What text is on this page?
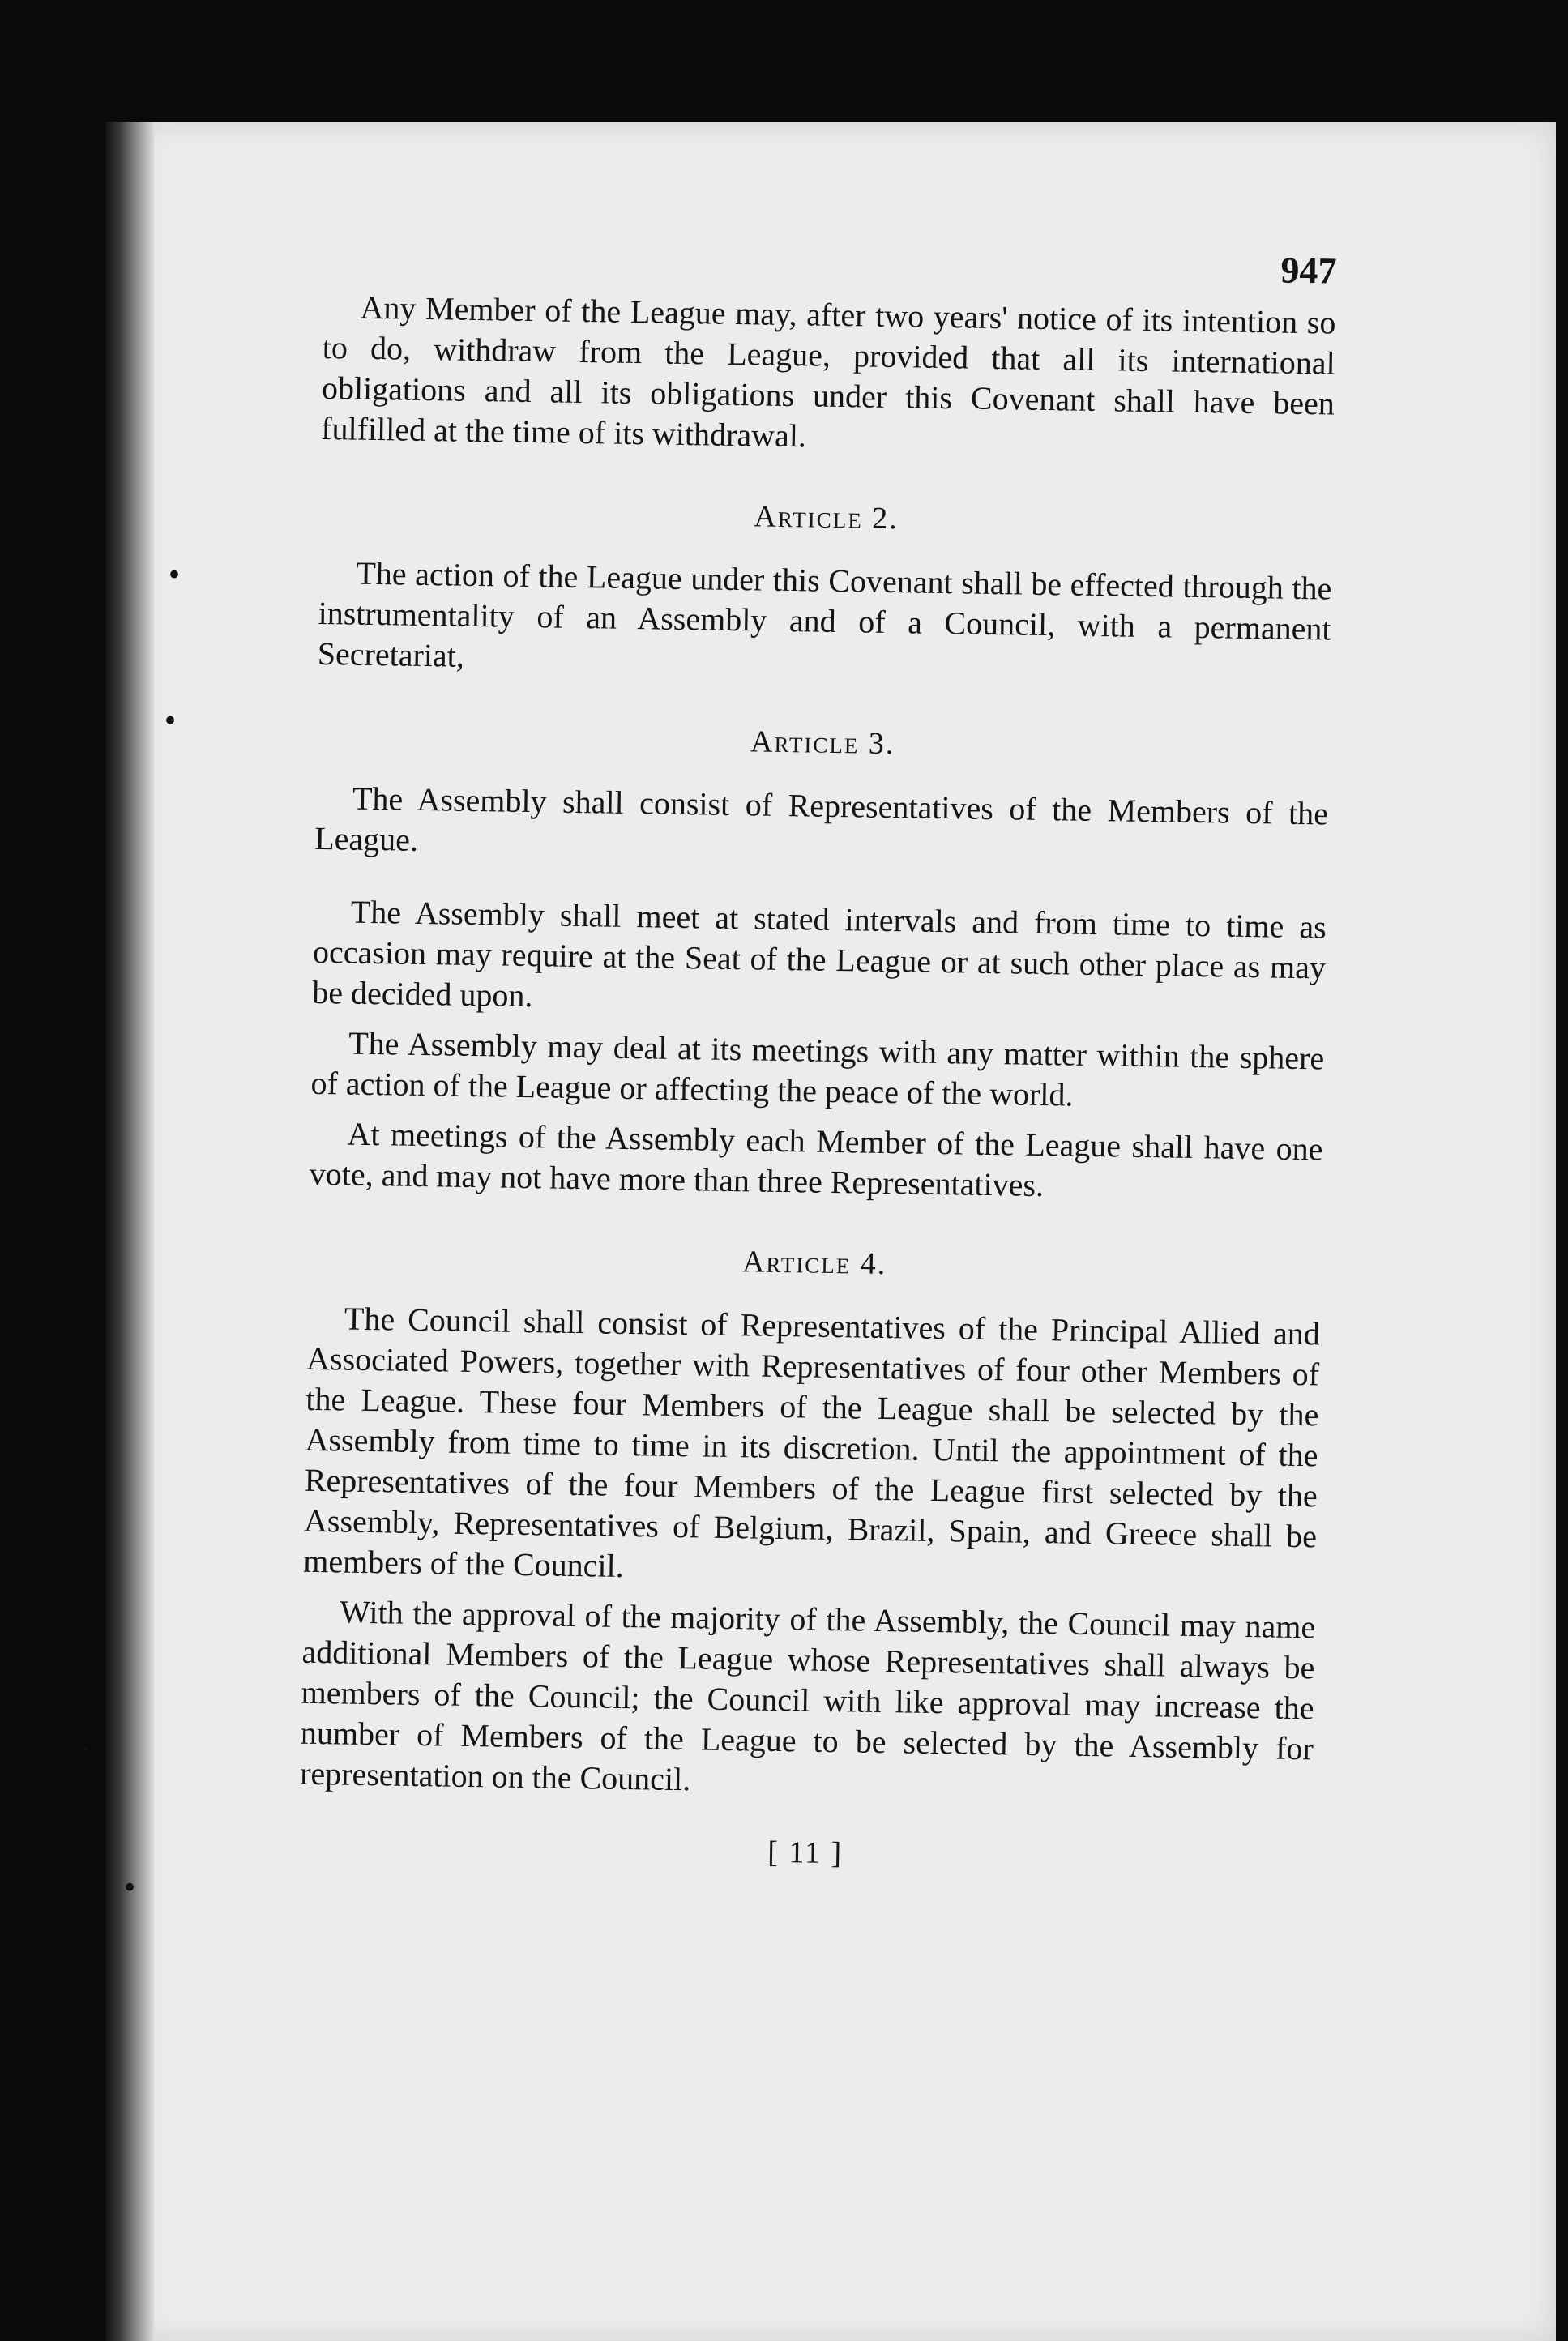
•
•
·
•
947

Any Member of the League may, after two years' notice of its intention so to do, withdraw from the League, provided that all its international obligations and all its obligations under this Covenant shall have been fulfilled at the time of its withdrawal.

Article 2.

The action of the League under this Covenant shall be effected through the instrumentality of an Assembly and of a Council, with a permanent Secretariat,

Article 3.

The Assembly shall consist of Representatives of the Members of the League.

The Assembly shall meet at stated intervals and from time to time as occasion may require at the Seat of the League or at such other place as may be decided upon.

The Assembly may deal at its meetings with any matter within the sphere of action of the League or affecting the peace of the world.

At meetings of the Assembly each Member of the League shall have one vote, and may not have more than three Representatives.

Article 4.

The Council shall consist of Representatives of the Principal Allied and Associated Powers, together with Representatives of four other Members of the League. These four Members of the League shall be selected by the Assembly from time to time in its discretion. Until the appointment of the Representatives of the four Members of the League first selected by the Assembly, Representatives of Belgium, Brazil, Spain, and Greece shall be members of the Council.

With the approval of the majority of the Assembly, the Council may name additional Members of the League whose Representatives shall always be members of the Council; the Council with like approval may increase the number of Members of the League to be selected by the Assembly for representation on the Council.

[ 11 ]
